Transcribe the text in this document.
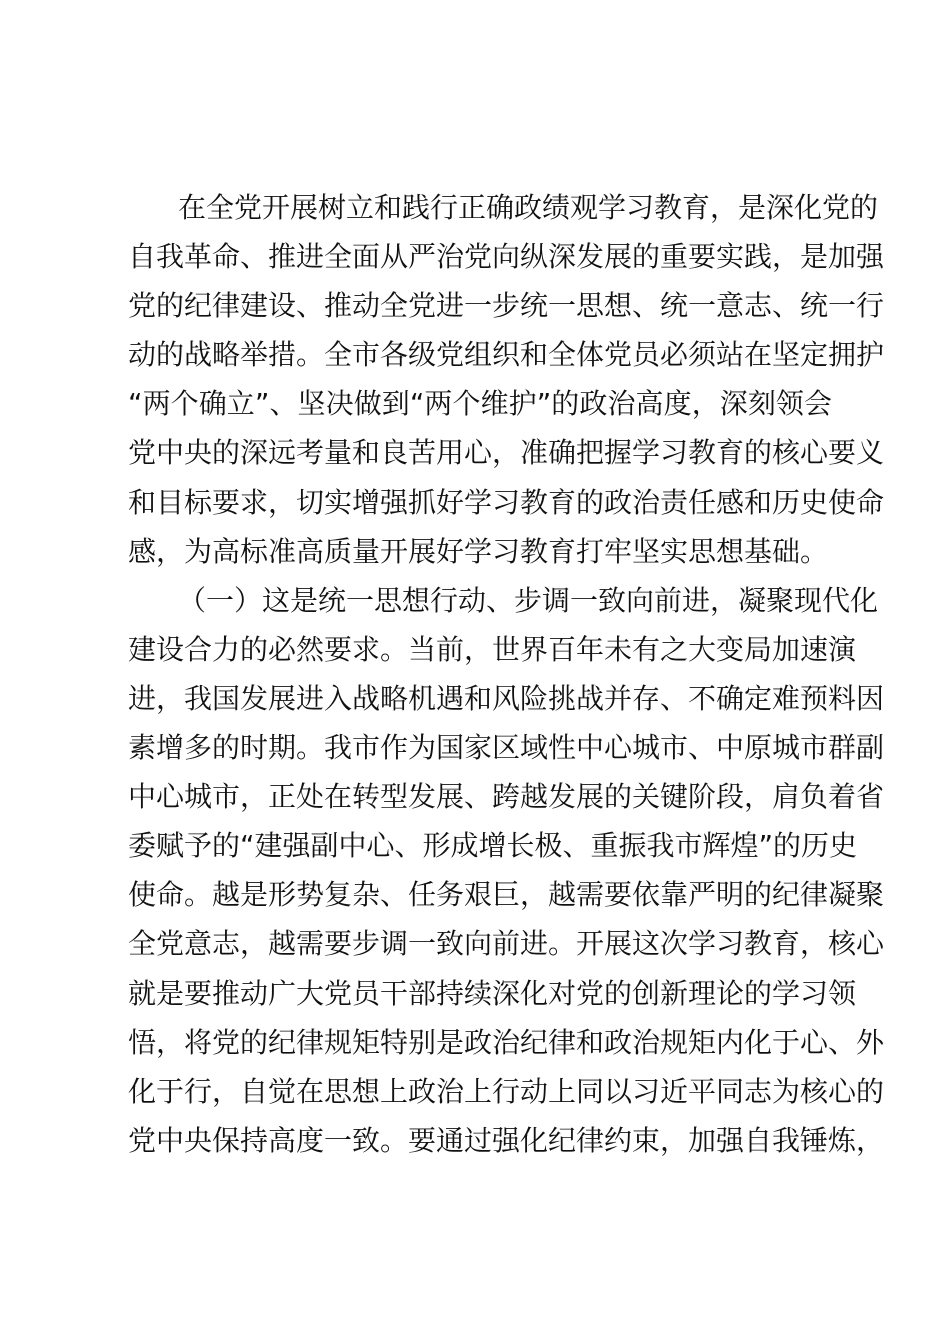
在全党开展树立和践行正确政绩观学习教育，是深化党的
自我革命、推进全面从严治党向纵深发展的重要实践，是加强
党的纪律建设、推动全党进一步统一思想、统一意志、统一行
动的战略举措。全市各级党组织和全体党员必须站在坚定拥护
“两个确立”、坚决做到“两个维护”的政治高度，深刻领会
党中央的深远考量和良苦用心，准确把握学习教育的核心要义
和目标要求，切实增强抓好学习教育的政治责任感和历史使命
感，为高标准高质量开展好学习教育打牢坚实思想基础。
（一）这是统一思想行动、步调一致向前进，凝聚现代化
建设合力的必然要求。当前，世界百年未有之大变局加速演
进，我国发展进入战略机遇和风险挑战并存、不确定难预料因
素增多的时期。我市作为国家区域性中心城市、中原城市群副
中心城市，正处在转型发展、跨越发展的关键阶段，肩负着省
委赋予的“建强副中心、形成增长极、重振我市辉煌”的历史
使命。越是形势复杂、任务艰巨，越需要依靠严明的纪律凝聚
全党意志，越需要步调一致向前进。开展这次学习教育，核心
就是要推动广大党员干部持续深化对党的创新理论的学习领
悟，将党的纪律规矩特别是政治纪律和政治规矩内化于心、外
化于行，自觉在思想上政治上行动上同以习近平同志为核心的
党中央保持高度一致。要通过强化纪律约束，加强自我锤炼，
